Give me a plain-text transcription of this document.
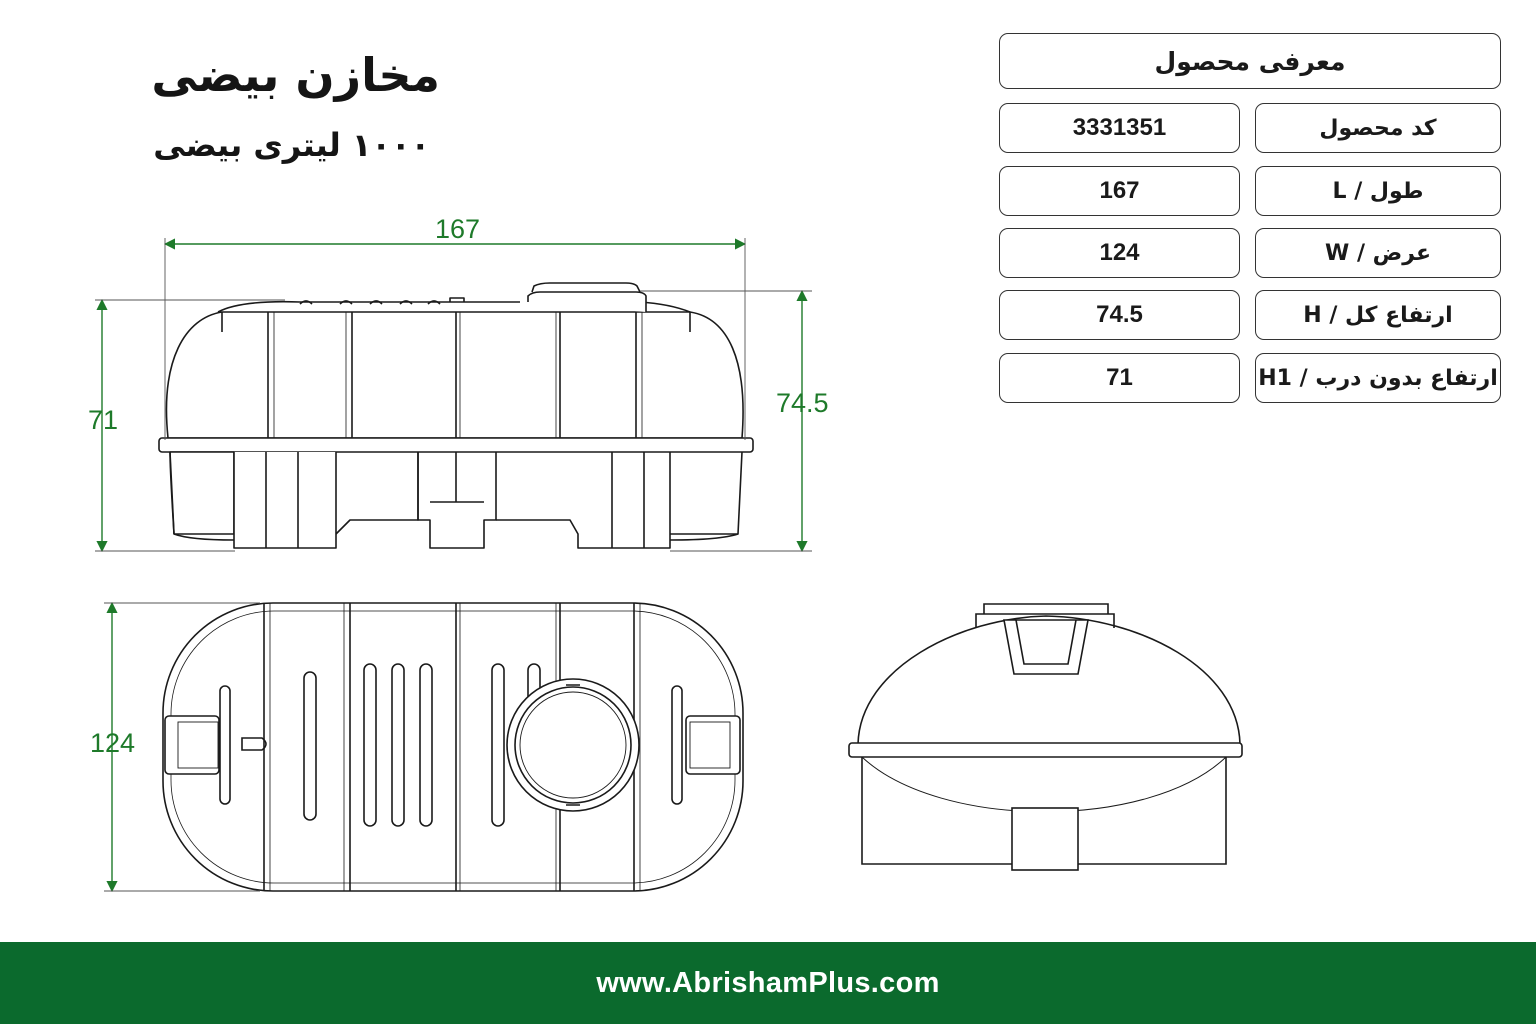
مخازن بیضی
۱۰۰۰ لیتری بیضی
معرفی محصول
کد محصول
3331351
طول / L
167
عرض / W
124
ارتفاع کل / H
74.5
ارتفاع بدون درب / H1
71
167
71
74.5
124
www.AbrishamPlus.com
